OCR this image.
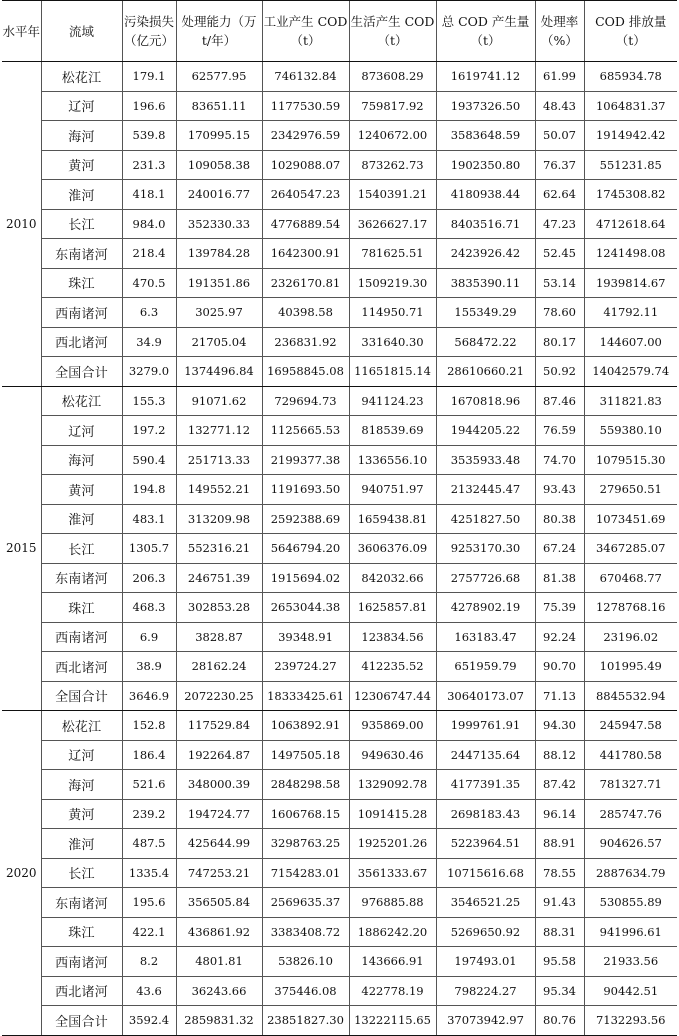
水平年	流域	污染损失（亿元）	处理能力（万 t/年）	工业产生 COD（t）	生活产生 COD（t）	总 COD 产生量（t）	处理率（%）	COD 排放量（t）
2010	松花江	179.1	62577.95	746132.84	873608.29	1619741.12	61.99	685934.78
	辽河	196.6	83651.11	1177530.59	759817.92	1937326.50	48.43	1064831.37
	海河	539.8	170995.15	2342976.59	1240672.00	3583648.59	50.07	1914942.42
	黄河	231.3	109058.38	1029088.07	873262.73	1902350.80	76.37	551231.85
	淮河	418.1	240016.77	2640547.23	1540391.21	4180938.44	62.64	1745308.82
	长江	984.0	352330.33	4776889.54	3626627.17	8403516.71	47.23	4712618.64
	东南诸河	218.4	139784.28	1642300.91	781625.51	2423926.42	52.45	1241498.08
	珠江	470.5	191351.86	2326170.81	1509219.30	3835390.11	53.14	1939814.67
	西南诸河	6.3	3025.97	40398.58	114950.71	155349.29	78.60	41792.11
	西北诸河	34.9	21705.04	236831.92	331640.30	568472.22	80.17	144607.00
	全国合计	3279.0	1374496.84	16958845.08	11651815.14	28610660.21	50.92	14042579.74
2015	松花江	155.3	91071.62	729694.73	941124.23	1670818.96	87.46	311821.83
	辽河	197.2	132771.12	1125665.53	818539.69	1944205.22	76.59	559380.10
	海河	590.4	251713.33	2199377.38	1336556.10	3535933.48	74.70	1079515.30
	黄河	194.8	149552.21	1191693.50	940751.97	2132445.47	93.43	279650.51
	淮河	483.1	313209.98	2592388.69	1659438.81	4251827.50	80.38	1073451.69
	长江	1305.7	552316.21	5646794.20	3606376.09	9253170.30	67.24	3467285.07
	东南诸河	206.3	246751.39	1915694.02	842032.66	2757726.68	81.38	670468.77
	珠江	468.3	302853.28	2653044.38	1625857.81	4278902.19	75.39	1278768.16
	西南诸河	6.9	3828.87	39348.91	123834.56	163183.47	92.24	23196.02
	西北诸河	38.9	28162.24	239724.27	412235.52	651959.79	90.70	101995.49
	全国合计	3646.9	2072230.25	18333425.61	12306747.44	30640173.07	71.13	8845532.94
2020	松花江	152.8	117529.84	1063892.91	935869.00	1999761.91	94.30	245947.58
	辽河	186.4	192264.87	1497505.18	949630.46	2447135.64	88.12	441780.58
	海河	521.6	348000.39	2848298.58	1329092.78	4177391.35	87.42	781327.71
	黄河	239.2	194724.77	1606768.15	1091415.28	2698183.43	96.14	285747.76
	淮河	487.5	425644.99	3298763.25	1925201.26	5223964.51	88.91	904626.57
	长江	1335.4	747253.21	7154283.01	3561333.67	10715616.68	78.55	2887634.79
	东南诸河	195.6	356505.84	2569635.37	976885.88	3546521.25	91.43	530855.89
	珠江	422.1	436861.92	3383408.72	1886242.20	5269650.92	88.31	941996.61
	西南诸河	8.2	4801.81	53826.10	143666.91	197493.01	95.58	21933.56
	西北诸河	43.6	36243.66	375446.08	422778.19	798224.27	95.34	90442.51
	全国合计	3592.4	2859831.32	23851827.30	13222115.65	37073942.97	80.76	7132293.56
